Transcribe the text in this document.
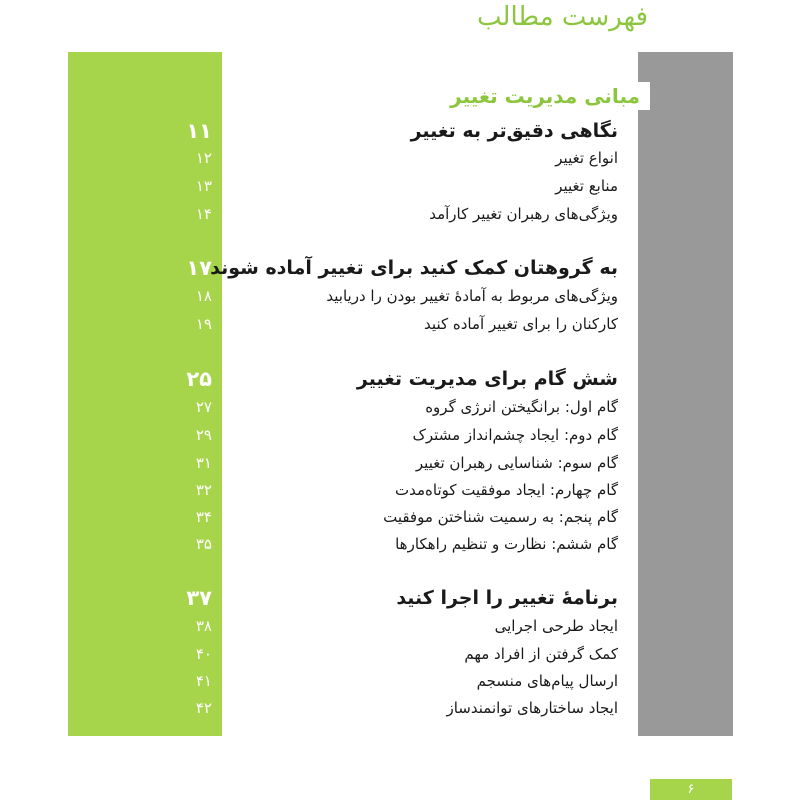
فهرست مطالب
مبانی مدیریت تغییر
نگاهی دقیق‌تر به تغییر
۱۱
انواع تغییر
۱۲
منابع تغییر
۱۳
ویژگی‌های رهبران تغییر کارآمد
۱۴
به گروهتان کمک کنید برای تغییر آماده شوند
۱۷
ویژگی‌های مربوط به آمادهٔ تغییر بودن را دریابید
۱۸
کارکنان را برای تغییر آماده کنید
۱۹
شش گام برای مدیریت تغییر
۲۵
گام اول: برانگیختن انرژی گروه
۲۷
گام دوم: ایجاد چشم‌انداز مشترک
۲۹
گام سوم: شناسایی رهبران تغییر
۳۱
گام چهارم: ایجاد موفقیت کوتاه‌مدت
۳۲
گام پنجم: به رسمیت شناختن موفقیت
۳۴
گام ششم: نظارت و تنظیم راهکارها
۳۵
برنامهٔ تغییر را اجرا کنید
۳۷
ایجاد طرحی اجرایی
۳۸
کمک گرفتن از افراد مهم
۴۰
ارسال پیام‌های منسجم
۴۱
ایجاد ساختارهای توانمندساز
۴۲
۶
